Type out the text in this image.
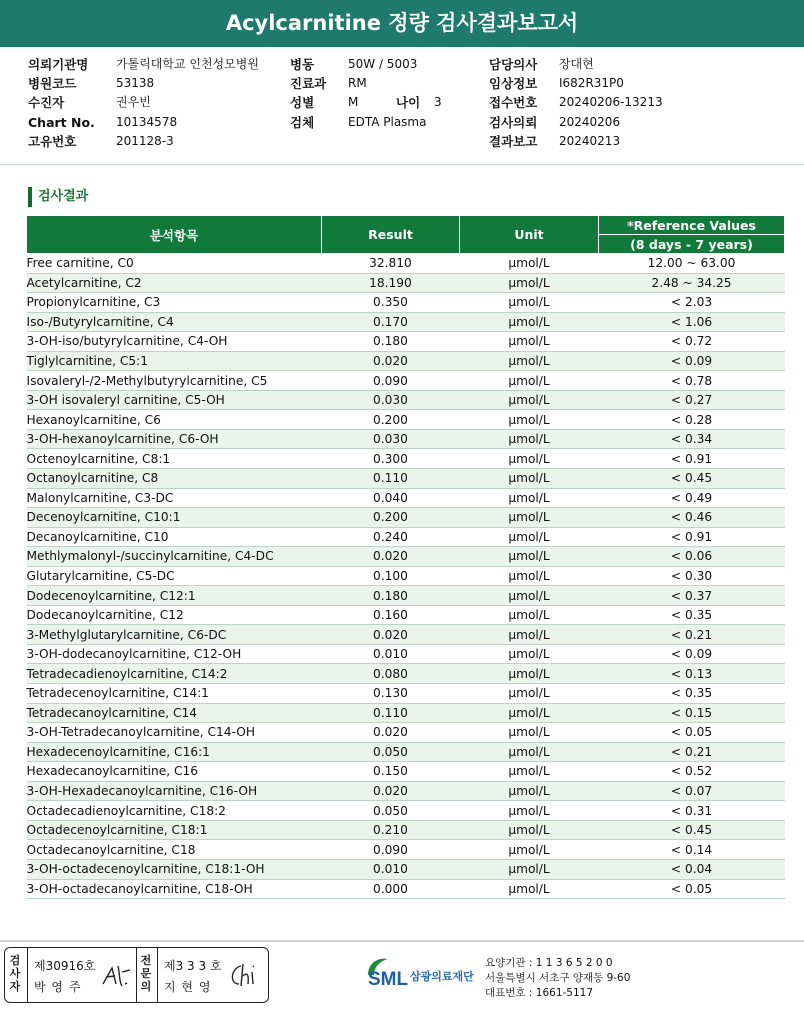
Acylcarnitine 정량 검사결과보고서
의뢰기관명	가톨릭대학교 인천성모병원
병원코드	53138
수진자	권우빈
Chart No.	10134578
고유번호	201128-3
병동	50W / 5003
진료과	RM
성별	M	나이	3
검체	EDTA Plasma
담당의사	장대현
임상정보	I682R31P0
접수번호	20240206-13213
검사의뢰	20240206
결과보고	20240213
검사결과
분석항목	Result	Unit	*Reference Values
			(8 days - 7 years)
Free carnitine, C0	32.810	μmol/L	12.00 ~ 63.00
Acetylcarnitine, C2	18.190	μmol/L	2.48 ~ 34.25
Propionylcarnitine, C3	0.350	μmol/L	< 2.03
Iso-/Butyrylcarnitine, C4	0.170	μmol/L	< 1.06
3-OH-iso/butyrylcarnitine, C4-OH	0.180	μmol/L	< 0.72
Tiglylcarnitine, C5:1	0.020	μmol/L	< 0.09
Isovaleryl-/2-Methylbutyrylcarnitine, C5	0.090	μmol/L	< 0.78
3-OH isovaleryl carnitine, C5-OH	0.030	μmol/L	< 0.27
Hexanoylcarnitine, C6	0.200	μmol/L	< 0.28
3-OH-hexanoylcarnitine, C6-OH	0.030	μmol/L	< 0.34
Octenoylcarnitine, C8:1	0.300	μmol/L	< 0.91
Octanoylcarnitine, C8	0.110	μmol/L	< 0.45
Malonylcarnitine, C3-DC	0.040	μmol/L	< 0.49
Decenoylcarnitine, C10:1	0.200	μmol/L	< 0.46
Decanoylcarnitine, C10	0.240	μmol/L	< 0.91
Methlymalonyl-/succinylcarnitine, C4-DC	0.020	μmol/L	< 0.06
Glutarylcarnitine, C5-DC	0.100	μmol/L	< 0.30
Dodecenoylcarnitine, C12:1	0.180	μmol/L	< 0.37
Dodecanoylcarnitine, C12	0.160	μmol/L	< 0.35
3-Methylglutarylcarnitine, C6-DC	0.020	μmol/L	< 0.21
3-OH-dodecanoylcarnitine, C12-OH	0.010	μmol/L	< 0.09
Tetradecadienoylcarnitine, C14:2	0.080	μmol/L	< 0.13
Tetradecenoylcarnitine, C14:1	0.130	μmol/L	< 0.35
Tetradecanoylcarnitine, C14	0.110	μmol/L	< 0.15
3-OH-Tetradecanoylcarnitine, C14-OH	0.020	μmol/L	< 0.05
Hexadecenoylcarnitine, C16:1	0.050	μmol/L	< 0.21
Hexadecanoylcarnitine, C16	0.150	μmol/L	< 0.52
3-OH-Hexadecanoylcarnitine, C16-OH	0.020	μmol/L	< 0.07
Octadecadienoylcarnitine, C18:2	0.050	μmol/L	< 0.31
Octadecenoylcarnitine, C18:1	0.210	μmol/L	< 0.45
Octadecanoylcarnitine, C18	0.090	μmol/L	< 0.14
3-OH-octadecenoylcarnitine, C18:1-OH	0.010	μmol/L	< 0.04
3-OH-octadecanoylcarnitine, C18-OH	0.000	μmol/L	< 0.05
검사자
제30916호
박 영 주
전문의
제3 3 3 호
지 현 영	SML 삼광의료재단
요양기관 : 1 1 3 6 5 2 0 0
서울특별시 서초구 양재동 9-60
대표번호 : 1661-5117
